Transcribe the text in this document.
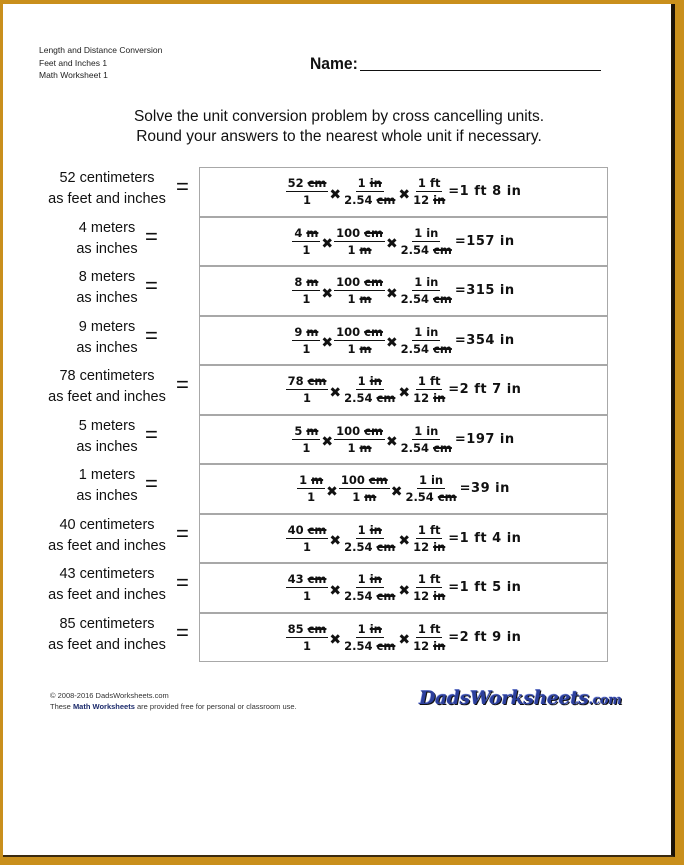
Length and Distance Conversion
Feet and Inches 1
Math Worksheet 1
Name:
Solve the unit conversion problem by cross cancelling units.
Round your answers to the nearest whole unit if necessary.
52 centimeters
as feet and inches =	$\frac{52 cm}{1}$ ✖ $\frac{1 in}{2.54 cm}$ ✖ $\frac{1 ft}{12 in} =1$ ft 8 in
4 meters
as inches =	$\frac{4 m}{1}$ ✖ $\frac{100 cm}{1 m}$ ✖ $\frac{1 in}{2.54 cm} =157$ in
8 meters
as inches =	$\frac{8 m}{1}$ ✖ $\frac{100 cm}{1 m}$ ✖ $\frac{1 in}{2.54 cm} =315$ in
9 meters
as inches =	$\frac{9 m}{1}$ ✖ $\frac{100 cm}{1 m}$ ✖ $\frac{1 in}{2.54 cm} =354$ in
78 centimeters
as feet and inches =	$\frac{78 cm}{1}$ ✖ $\frac{1 in}{2.54 cm}$ ✖ $\frac{1 ft}{12 in} =2$ ft 7 in
5 meters
as inches =	$\frac{5 m}{1}$ ✖ $\frac{100 cm}{1 m}$ ✖ $\frac{1 in}{2.54 cm} =197$ in
1 meters
as inches =	$\frac{1 m}{1}$ ✖ $\frac{100 cm}{1 m}$ ✖ $\frac{1 in}{2.54 cm} =39$ in
40 centimeters
as feet and inches =	$\frac{40 cm}{1}$ ✖ $\frac{1 in}{2.54 cm}$ ✖ $\frac{1 ft}{12 in} =1$ ft 4 in
43 centimeters
as feet and inches =	$\frac{43 cm}{1}$ ✖ $\frac{1 in}{2.54 cm}$ ✖ $\frac{1 ft}{12 in} =1$ ft 5 in
85 centimeters
as feet and inches =	$\frac{85 cm}{1}$ ✖ $\frac{1 in}{2.54 cm}$ ✖ $\frac{1 ft}{12 in} =2$ ft 9 in
© 2008-2016 DadsWorksheets.com
These Math Worksheets are provided free for personal or classroom use.	DadsWorksheets.com
